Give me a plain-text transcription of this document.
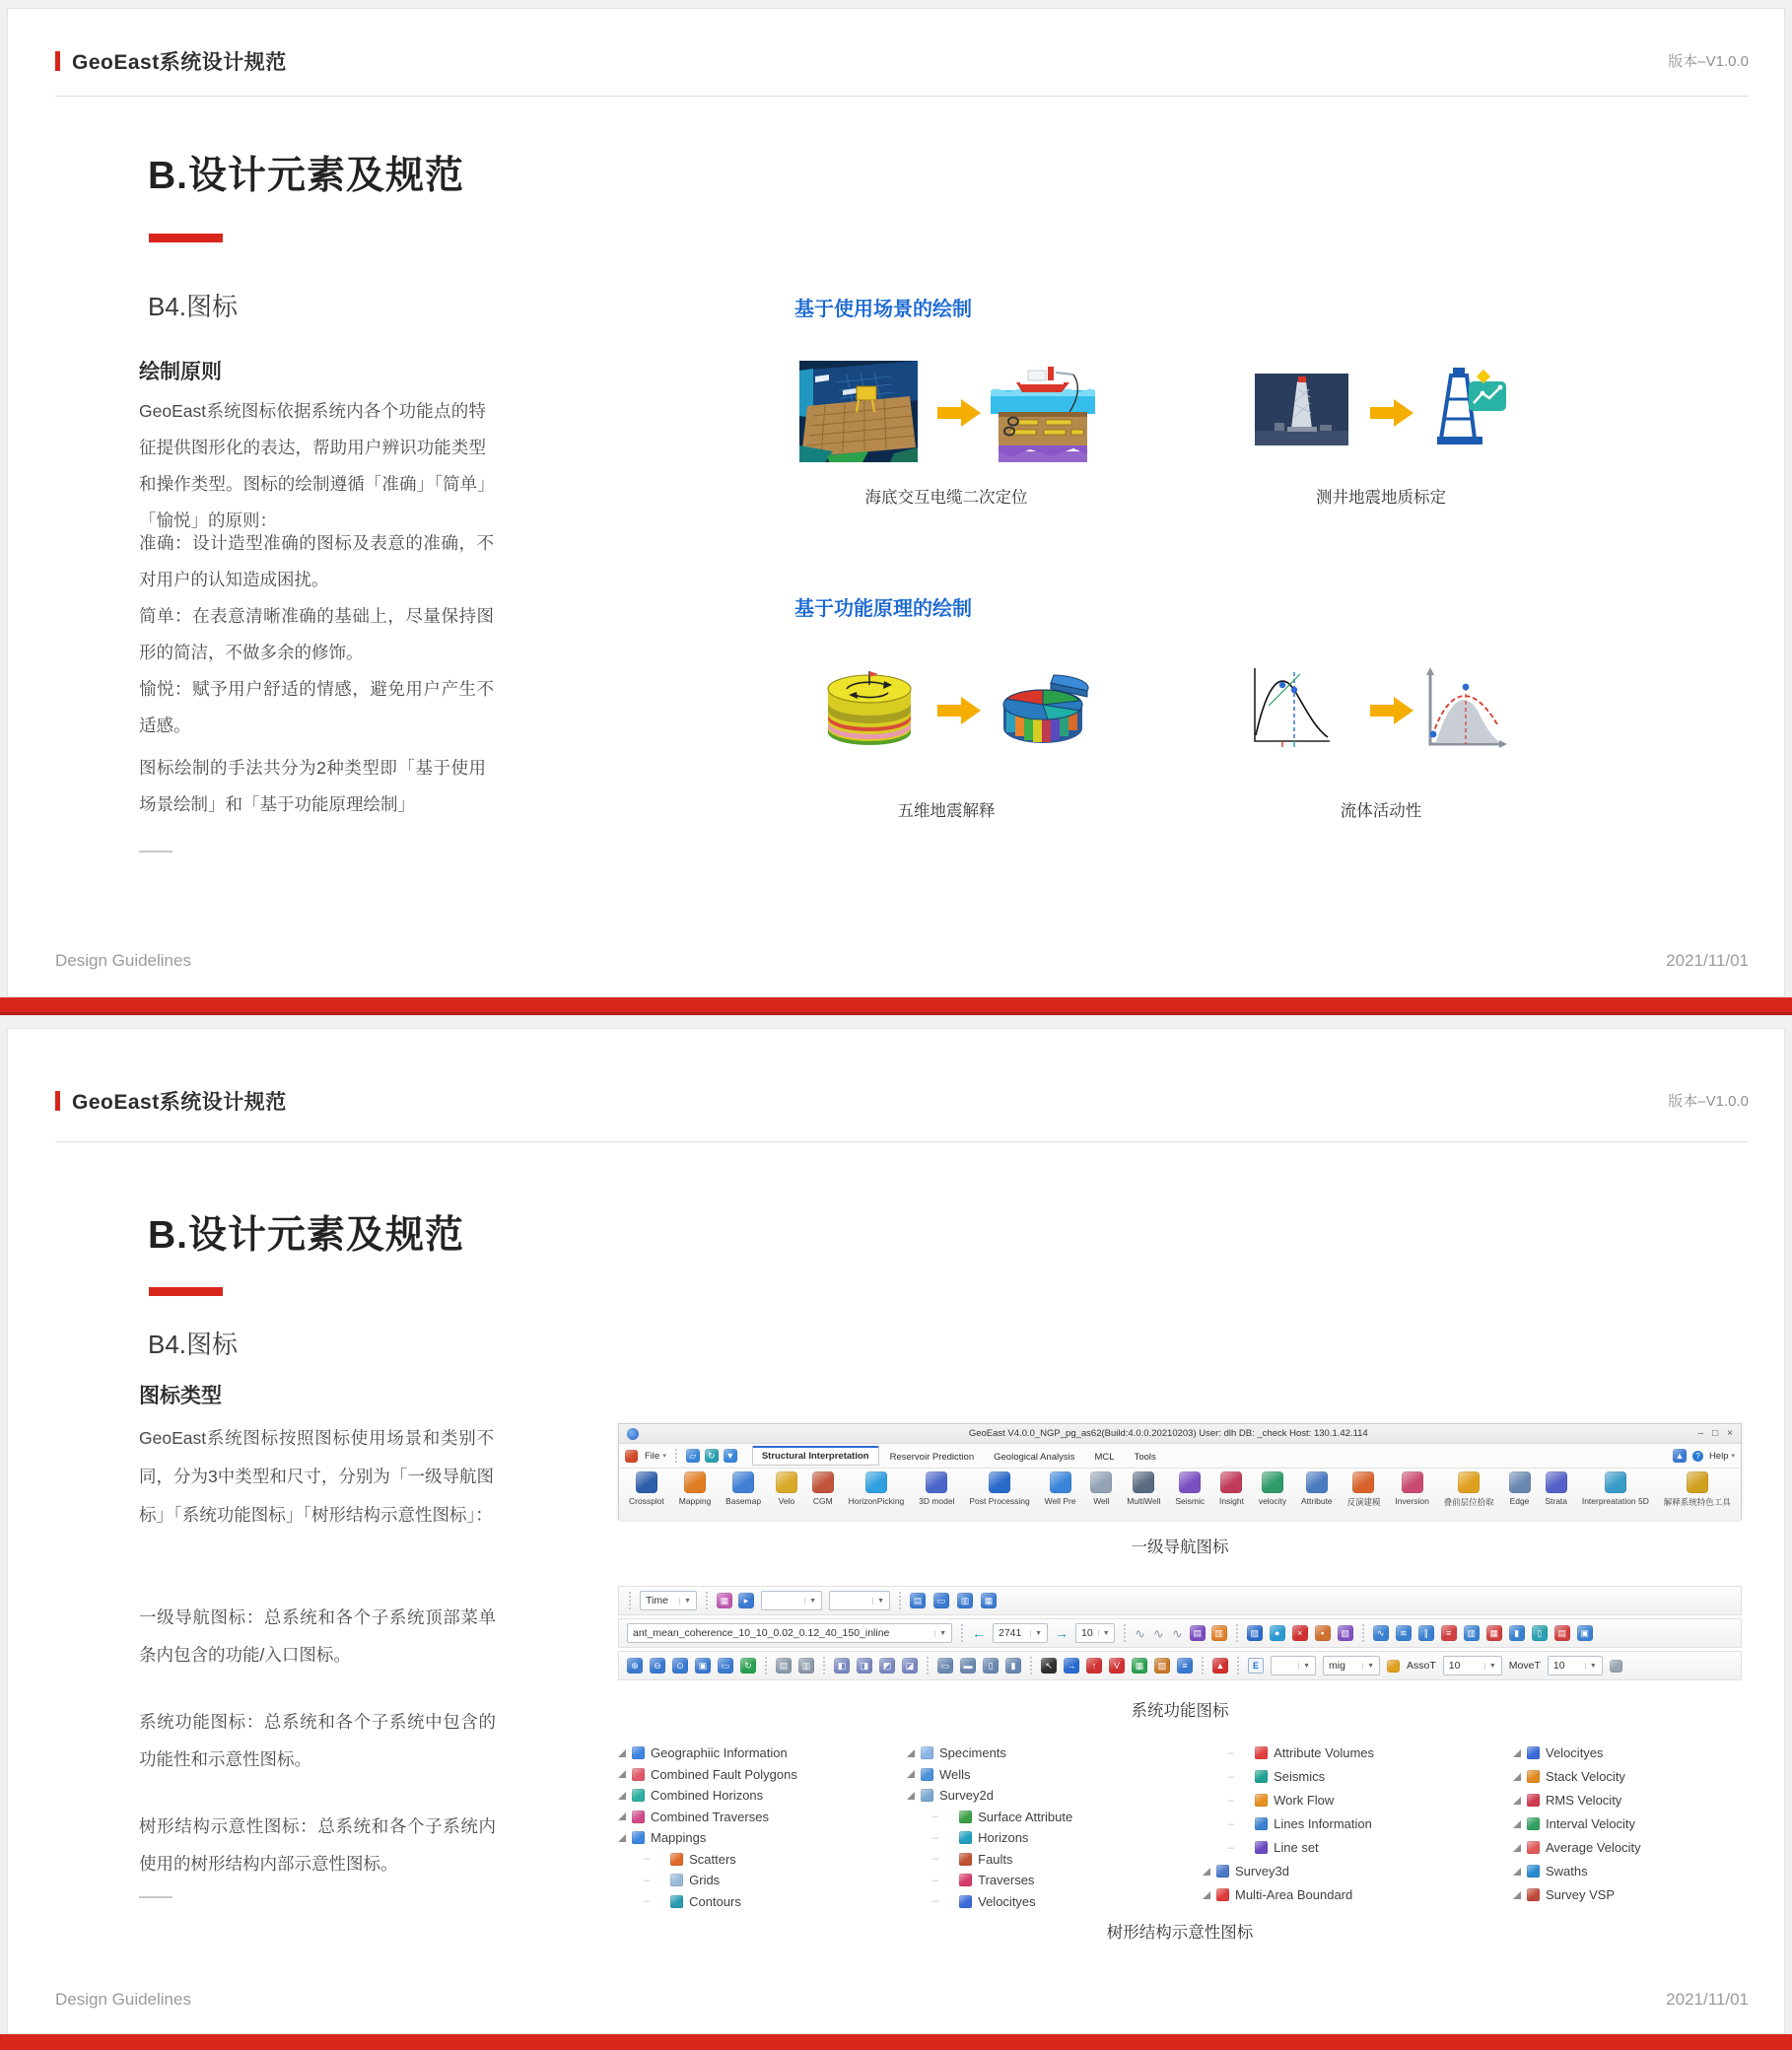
GeoEast系统设计规范	版本–V1.0.0
B.设计元素及规范
B4.图标
绘制原则

GeoEast系统图标依据系统内各个功能点的特征提供图形化的表达，帮助用户辨识功能类型和操作类型。图标的绘制遵循「准确」「简单」「愉悦」的原则：

准确：设计造型准确的图标及表意的准确，不对用户的认知造成困扰。

简单：在表意清晰准确的基础上，尽量保持图形的简洁，不做多余的修饰。

愉悦：赋予用户舒适的情感，避免用户产生不适感。

图标绘制的手法共分为2种类型即「基于使用场景绘制」和「基于功能原理绘制」

基于使用场景的绘制
海底交互电缆二次定位	测井地震地质标定
基于功能原理的绘制
五维地震解释	流体活动性
Design Guidelines	2021/11/01
GeoEast系统设计规范	版本–V1.0.0
B.设计元素及规范
B4.图标
图标类型

GeoEast系统图标按照图标使用场景和类别不同，分为3中类型和尺寸，分别为「一级导航图标」「系统功能图标」「树形结构示意性图标」：

一级导航图标：总系统和各个子系统顶部菜单条内包含的功能/入口图标。

系统功能图标：总系统和各个子系统中包含的功能性和示意性图标。

树形结构示意性图标：总系统和各个子系统内使用的树形结构内部示意性图标。

GeoEast V4.0.0_NGP_pg_as62(Build:4.0.0.20210203) User: dlh DB: _check Host: 130.1.42.114	– □ ×
File
▾	▱ ↻ ▼	Structural Interpretation	Reservoir Prediction	Geological Analysis	MCL	Tools	▲	? Help
▾
Crossplot Mapping Basemap Velo CGM HorizonPicking 3D model Post Processing Well Pre Well MultiWell Seismic Insight velocity Attribute 反演建模 Inversion 叠前层位拾取 Edge Strata Interpreatation 5D 解释系统特色工具
一级导航图标
Time	▼	▦ ▸	▼	▼	▤ ▭ ▥ ▦
ant_mean_coherence_10_10_0.02_0.12_40_150_inline	▼ ← 2741	▼ → 10	▼ ∿ ∿ ∿ ▤ ▥	▨ ● × ▪ ▧	∿ ≋ ∥ ≡ ▥ ▦ ▮ ▯ ▤ ▣
⊕ ⊖ ⊙ ▣ ▭ ↻	▤ ▥	◧ ◨ ◩ ◪	▭ ▬ ▯ ▮	↖ → ↑ V ▦ ▧ ≡	▲	E	▼ mig	▼	AssoT 10	▼ MoveT 10	▼
系统功能图标
Geographiic Information
Combined Fault Polygons
Combined Horizons
Combined Traverses
Mappings
– Scatters
– Grids
– Contours
Speciments
Wells
Survey2d
– Surface Attribute
– Horizons
– Faults
– Traverses
– Velocityes
– Attribute Volumes
– Seismics
– Work Flow
– Lines Information
– Line set
Survey3d
Multi-Area Boundard
Velocityes
Stack Velocity
RMS Velocity
Interval Velocity
Average Velocity
Swaths
Survey VSP
树形结构示意性图标
Design Guidelines	2021/11/01
